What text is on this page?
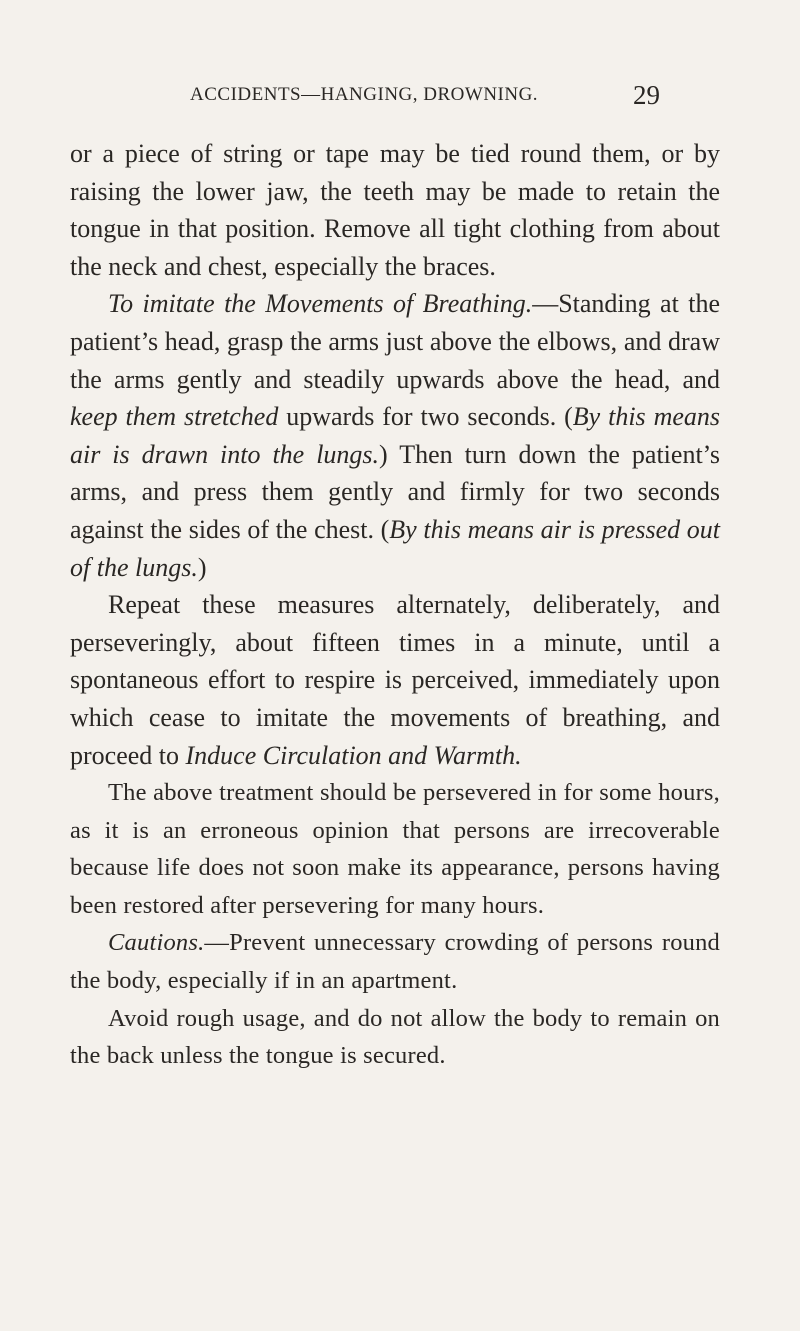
ACCIDENTS—HANGING, DROWNING.	29

or a piece of string or tape may be tied round them, or by raising the lower jaw, the teeth may be made to retain the tongue in that position. Remove all tight clothing from about the neck and chest, especially the braces.

To imitate the Movements of Breathing.—Standing at the patient’s head, grasp the arms just above the elbows, and draw the arms gently and steadily upwards above the head, and keep them stretched upwards for two seconds. (By this means air is drawn into the lungs.) Then turn down the patient’s arms, and press them gently and firmly for two seconds against the sides of the chest. (By this means air is pressed out of the lungs.)

Repeat these measures alternately, deliberately, and perseveringly, about fifteen times in a minute, until a spontaneous effort to respire is perceived, immediately upon which cease to imitate the movements of breathing, and proceed to Induce Circulation and Warmth.

The above treatment should be persevered in for some hours, as it is an erroneous opinion that persons are irrecoverable because life does not soon make its appearance, persons having been restored after persevering for many hours.

Cautions.—Prevent unnecessary crowding of persons round the body, especially if in an apartment.

Avoid rough usage, and do not allow the body to remain on the back unless the tongue is secured.
